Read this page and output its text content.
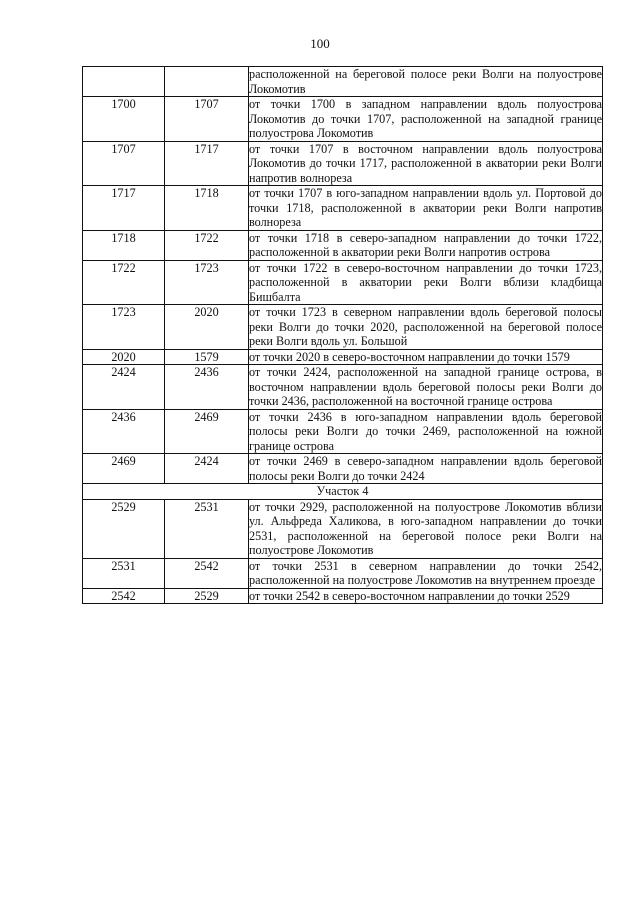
100
		расположенной на береговой полосе реки Волги на полуострове Локомотив
1700	1707	от точки 1700 в западном направлении вдоль полуострова Локомотив до точки 1707, расположенной на западной границе полуострова Локомотив
1707	1717	от точки 1707 в восточном направлении вдоль полуострова Локомотив до точки 1717, расположенной в акватории реки Волги напротив волнореза
1717	1718	от точки 1707 в юго-западном направлении вдоль ул. Портовой до точки 1718, расположенной в акватории реки Волги напротив волнореза
1718	1722	от точки 1718 в северо-западном направлении до точки 1722, расположенной в акватории реки Волги напротив острова
1722	1723	от точки 1722 в северо-восточном направлении до точки 1723, расположенной в акватории реки Волги вблизи кладбища Бишбалта
1723	2020	от точки 1723 в северном направлении вдоль береговой полосы реки Волги до точки 2020, расположенной на береговой полосе реки Волги вдоль ул. Большой
2020	1579	от точки 2020 в северо-восточном направлении до точки 1579
2424	2436	от точки 2424, расположенной на западной границе острова, в восточном направлении вдоль береговой полосы реки Волги до точки 2436, расположенной на восточной границе острова
2436	2469	от точки 2436 в юго-западном направлении вдоль береговой полосы реки Волги до точки 2469, расположенной на южной границе острова
2469	2424	от точки 2469 в северо-западном направлении вдоль береговой полосы реки Волги до точки 2424
Участок 4		
2529	2531	от точки 2929, расположенной на полуострове Локомотив вблизи ул. Альфреда Халикова, в юго-западном направлении до точки 2531, расположенной на береговой полосе реки Волги на полуострове Локомотив
2531	2542	от точки 2531 в северном направлении до точки 2542, расположенной на полуострове Локомотив на внутреннем проезде
2542	2529	от точки 2542 в северо-восточном направлении до точки 2529
